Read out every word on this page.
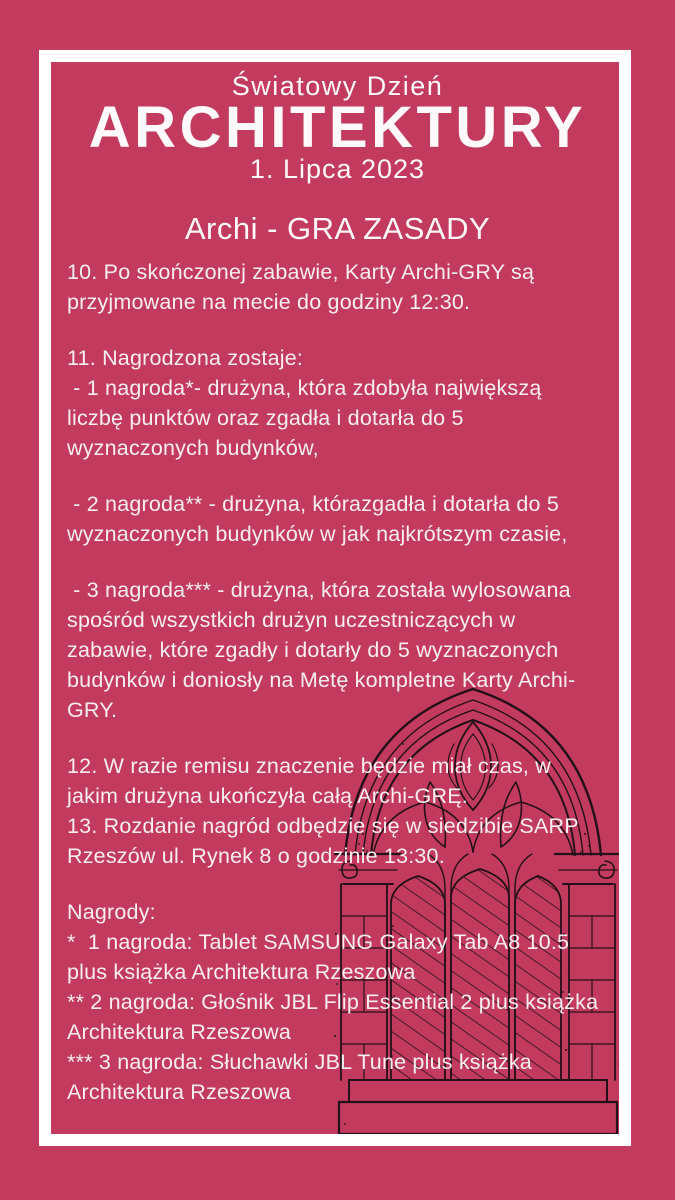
Światowy Dzień
ARCHITEKTURY
1. Lipca 2023
Archi - GRA ZASADY
10. Po skończonej zabawie, Karty Archi-GRY są
przyjmowane na mecie do godziny 12:30.
11. Nagrodzona zostaje:
- 1 nagroda*- drużyna, która zdobyła największą
liczbę punktów oraz zgadła i dotarła do 5
wyznaczonych budynków,
- 2 nagroda** - drużyna, którazgadła i dotarła do 5
wyznaczonych budynków w jak najkrótszym czasie,
- 3 nagroda*** - drużyna, która została wylosowana
spośród wszystkich drużyn uczestniczących w
zabawie, które zgadły i dotarły do 5 wyznaczonych
budynków i doniosły na Metę kompletne Karty Archi-
GRY.
12. W razie remisu znaczenie będzie miał czas, w
jakim drużyna ukończyła całą Archi-GRĘ.
13. Rozdanie nagród odbędzie się w siedzibie SARP
Rzeszów ul. Rynek 8 o godzinie 13:30.
Nagrody:
*  1 nagroda: Tablet SAMSUNG Galaxy Tab A8 10.5
plus książka Architektura Rzeszowa
** 2 nagroda: Głośnik JBL Flip Essential 2 plus książka
Architektura Rzeszowa
*** 3 nagroda: Słuchawki JBL Tune plus książka
Architektura Rzeszowa
